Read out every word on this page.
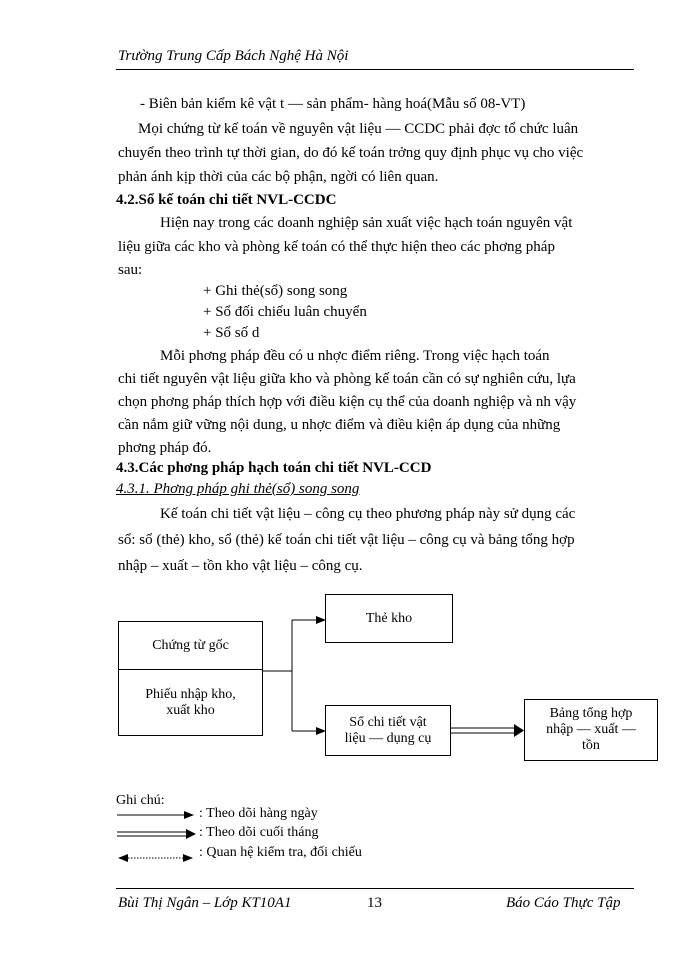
Trường Trung Cấp Bách Nghệ Hà Nội
- Biên bản kiểm kê vật t — sản phẩm- hàng hoá(Mẫu số 08-VT)
Mọi chứng từ kế toán về nguyên vật liệu — CCDC phải đợc tổ chức luân
chuyển theo trình tự thời gian, do đó kế toán trởng quy định phục vụ cho việc
phản ánh kịp thời của các bộ phận, ngời có liên quan.
4.2.Sổ kế toán chi tiết NVL-CCDC
Hiện nay trong các doanh nghiệp sản xuất việc hạch toán nguyên vật
liệu giữa các kho và phòng kế toán có thể thực hiện theo các phơng pháp
sau:
+ Ghi thẻ(sổ) song song
+ Sổ đối chiếu luân chuyển
+ Sổ số d
Mỗi phơng pháp đều có u nhợc điểm riêng. Trong việc hạch toán
chi tiết nguyên vật liệu giữa kho và phòng kế toán cần có sự nghiên cứu, lựa
chọn phơng pháp thích hợp với điều kiện cụ thể của doanh nghiệp và nh vậy
cần nắm giữ vững nội dung, u nhợc điểm và điều kiện áp dụng của những
phơng pháp đó.
4.3.Các phơng pháp hạch toán chi tiết NVL-CCD
4.3.1. Phơng pháp ghi thẻ(sổ) song song
Kế toán chi tiết vật liệu – công cụ theo phương pháp này sử dụng các
sổ: sổ (thẻ) kho, sổ (thẻ) kế toán chi tiết vật liệu – công cụ và bảng tổng hợp
nhập – xuất – tồn kho vật liệu – công cụ.
Chứng từ gốc
Phiếu nhập kho, xuất kho
Thẻ kho
Sổ chi tiết vật liệu — dụng cụ
Bảng tổng hợp nhập — xuất — tồn
Ghi chú:
: Theo dõi hàng ngày
: Theo dõi cuối tháng
: Quan hệ kiểm tra, đối chiếu
Bùi Thị Ngân – Lớp KT10A1	13	Báo Cáo Thực Tập
